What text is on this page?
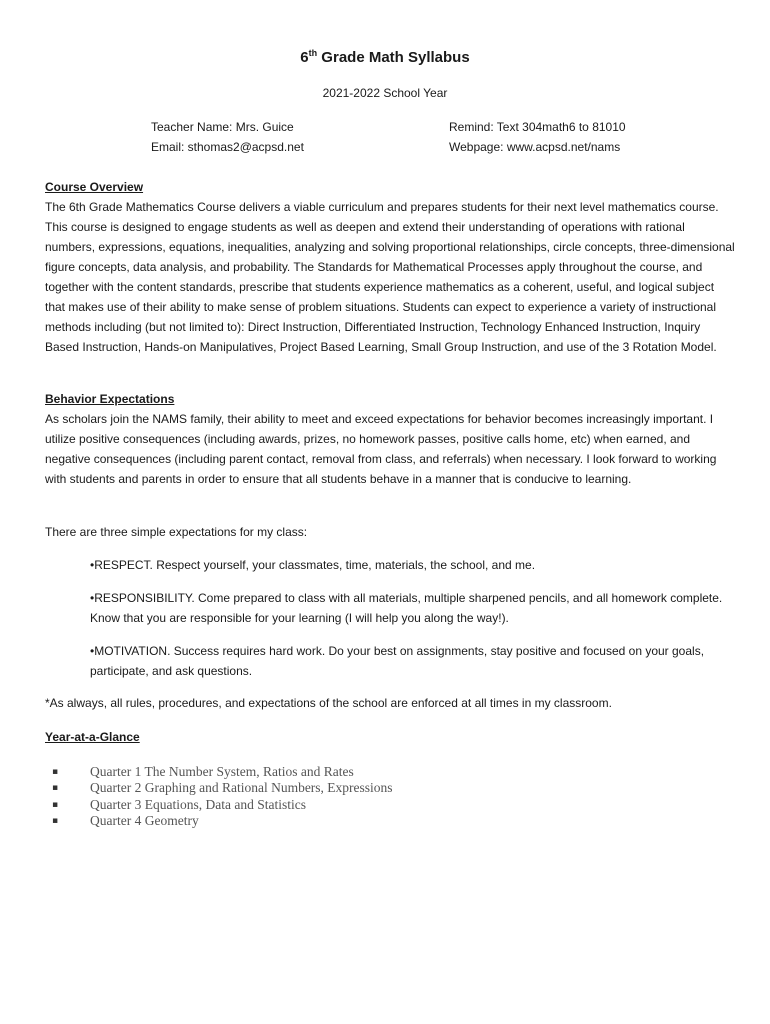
6th Grade Math Syllabus
2021-2022 School Year
Teacher Name: Mrs. Guice
Email: sthomas2@acpsd.net
Remind: Text 304math6 to 81010
Webpage: www.acpsd.net/nams
Course Overview

The 6th Grade Mathematics Course delivers a viable curriculum and prepares students for their next level mathematics course. This course is designed to engage students as well as deepen and extend their understanding of operations with rational numbers, expressions, equations, inequalities, analyzing and solving proportional relationships, circle concepts, three-dimensional figure concepts, data analysis, and probability. The Standards for Mathematical Processes apply throughout the course, and together with the content standards, prescribe that students experience mathematics as a coherent, useful, and logical subject that makes use of their ability to make sense of problem situations. Students can expect to experience a variety of instructional methods including (but not limited to): Direct Instruction, Differentiated Instruction, Technology Enhanced Instruction, Inquiry Based Instruction, Hands-on Manipulatives, Project Based Learning, Small Group Instruction, and use of the 3 Rotation Model.

Behavior Expectations

As scholars join the NAMS family, their ability to meet and exceed expectations for behavior becomes increasingly important. I utilize positive consequences (including awards, prizes, no homework passes, positive calls home, etc) when earned, and negative consequences (including parent contact, removal from class, and referrals) when necessary. I look forward to working with students and parents in order to ensure that all students behave in a manner that is conducive to learning.

There are three simple expectations for my class:
•RESPECT. Respect yourself, your classmates, time, materials, the school, and me.
•RESPONSIBILITY. Come prepared to class with all materials, multiple sharpened pencils, and all homework complete. Know that you are responsible for your learning (I will help you along the way!).
•MOTIVATION. Success requires hard work. Do your best on assignments, stay positive and focused on your goals, participate, and ask questions.
*As always, all rules, procedures, and expectations of the school are enforced at all times in my classroom.
Year-at-a-Glance
▪	Quarter 1 The Number System, Ratios and Rates
▪	Quarter 2 Graphing and Rational Numbers, Expressions
▪	Quarter 3 Equations, Data and Statistics
▪	Quarter 4 Geometry
